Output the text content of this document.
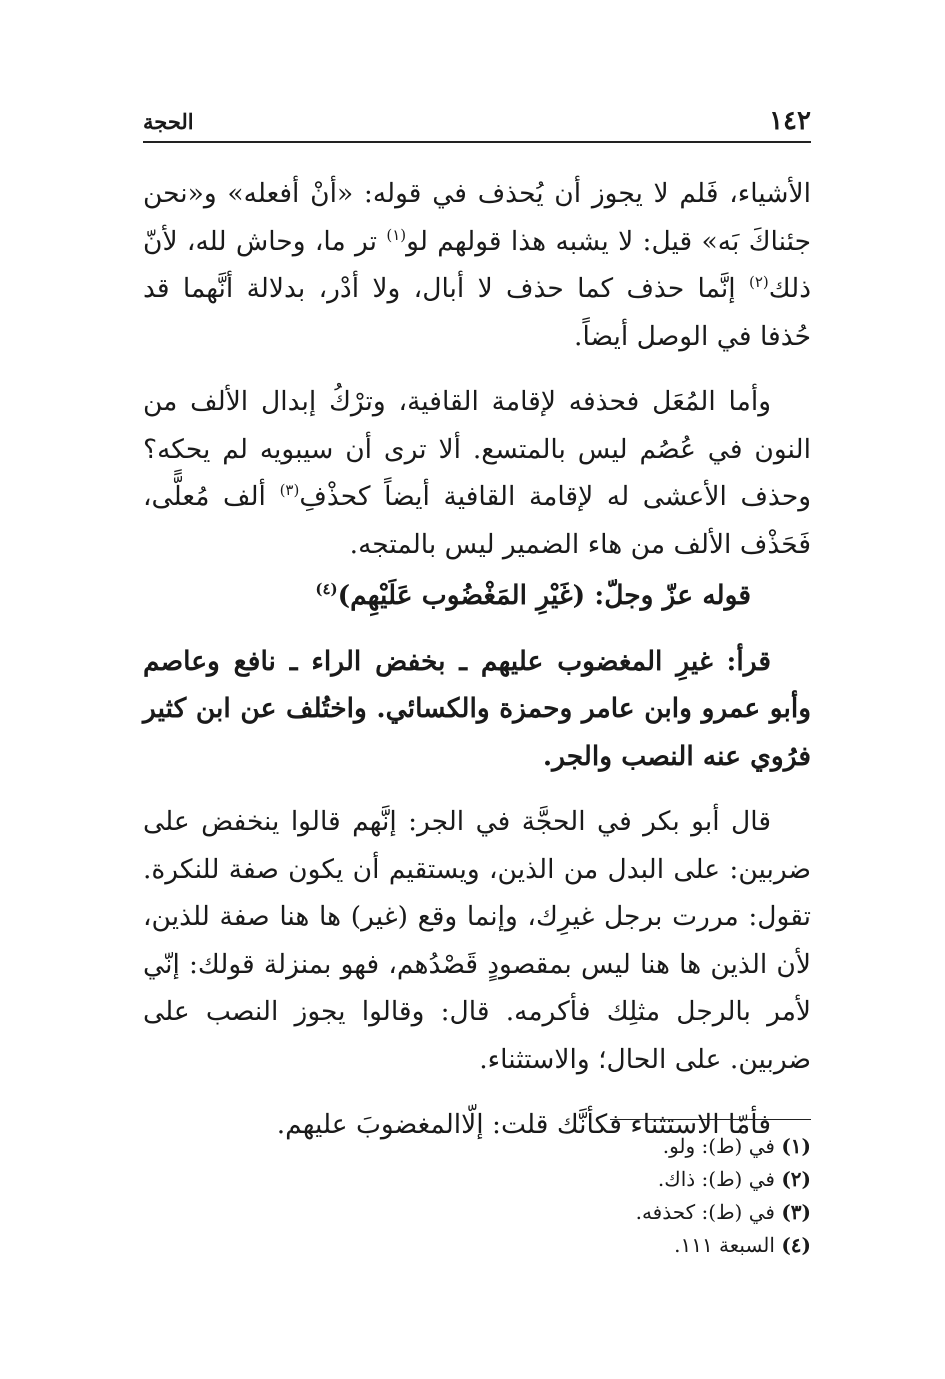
١٤٢
الحجة

الأشياء، فَلم لا يجوز أن يُحذف في قوله: «أنْ أفعله» و«نحن جئناكَ بَه» قيل: لا يشبه هذا قولهم لو$^{(١)}$ تر ما، وحاش لله، لأنّ ذلك$^{(٢)}$ إنَّما حذف كما حذف لا أبال، ولا أدْر، بدلالة أنَّهما قد حُذفا في الوصل أيضاً.

وأما المُعَل فحذفه لإقامة القافية، وترْكُ إبدال الألف من النون في عُصُم ليس بالمتسع. ألا ترى أن سيبويه لم يحكه؟ وحذف الأعشى له لإقامة القافية أيضاً كحذْفِ$^{(٣)}$ ألف مُعلًّى، فَحَذْف الألف من هاء الضمير ليس بالمتجه.

قوله عزّ وجلّ: (غَيْرِ المَغْضُوب عَلَيْهِم)$^{(٤)}$

قرأ: غيرِ المغضوب عليهم ـ بخفض الراء ـ نافع وعاصم وأبو عمرو وابن عامر وحمزة والكسائي. واختُلف عن ابن كثير فرُوي عنه النصب والجر.

قال أبو بكر في الحجَّة في الجر: إنَّهم قالوا ينخفض على ضربين: على البدل من الذين، ويستقيم أن يكون صفة للنكرة. تقول: مررت برجل غيرِك، وإنما وقع (غير) ها هنا صفة للذين، لأن الذين ها هنا ليس بمقصودٍ قَصْدُهم، فهو بمنزلة قولك: إنّي لأمر بالرجل مثلِك فأكرمه. قال: وقالوا يجوز النصب على ضربين. على الحال؛ والاستثناء.

فأمّا الاستثناء فكأنَّك قلت: إلّاالمغضوبَ عليهم.

(١) في (ط): ولو.

(٢) في (ط): ذاك.

(٣) في (ط): كحذفه.

(٤) السبعة ١١١.
